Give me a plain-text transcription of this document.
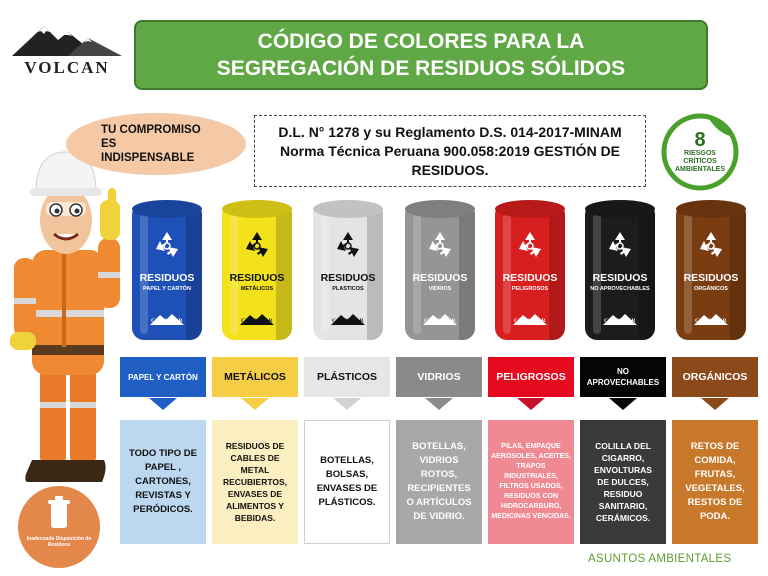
VOLCAN
CÓDIGO DE COLORES PARA LA SEGREGACIÓN DE RESIDUOS SÓLIDOS
TU COMPROMISO ES INDISPENSABLE
D.L. N° 1278 y su Reglamento D.S. 014-2017-MINAM Norma Técnica Peruana 900.058:2019 GESTIÓN DE RESIDUOS.
8
RIESGOS CRÍTICOS AMBIENTALES
RESIDUOS
PAPEL Y CARTÓN
CHUNGAR
PAPEL Y CARTÓN
TODO TIPO DE PAPEL , CARTONES, REVISTAS Y PERÓDICOS.
RESIDUOS
METÁLICOS
CHUNGAR
METÁLICOS
RESIDUOS DE CABLES DE METAL RECUBIERTOS, ENVASES DE ALIMENTOS Y BEBIDAS.
RESIDUOS
PLASTICOS
CHUNGAR
PLÁSTICOS
BOTELLAS, BOLSAS, ENVASES DE PLÁSTICOS.
RESIDUOS
VIDRIOS
CHUNGAR
VIDRIOS
BOTELLAS, VIDRIOS ROTOS, RECIPIENTES O ARTÍCULOS DE VIDRIO.
RESIDUOS
PELIGROSOS
CHUNGAR
PELIGROSOS
PILAS, EMPAQUE AEROSOLES, ACEITES, TRAPOS INDUSTRIALES, FILTROS USADOS, RESIDUOS CON HIDROCARBURO, MEDICINAS VENCIDAS.
RESIDUOS
NO APROVECHABLES
CHUNGAR
NO APROVECHABLES
COLILLA DEL CIGARRO, ENVOLTURAS DE DULCES, RESIDUO SANITARIO, CERÁMICOS.
RESIDUOS
ORGÁNICOS
CHUNGAR
ORGÁNICOS
RETOS DE COMIDA, FRUTAS, VEGETALES, RESTOS DE PODA.
Inadecuada Disposición de Residuos
ASUNTOS AMBIENTALES
